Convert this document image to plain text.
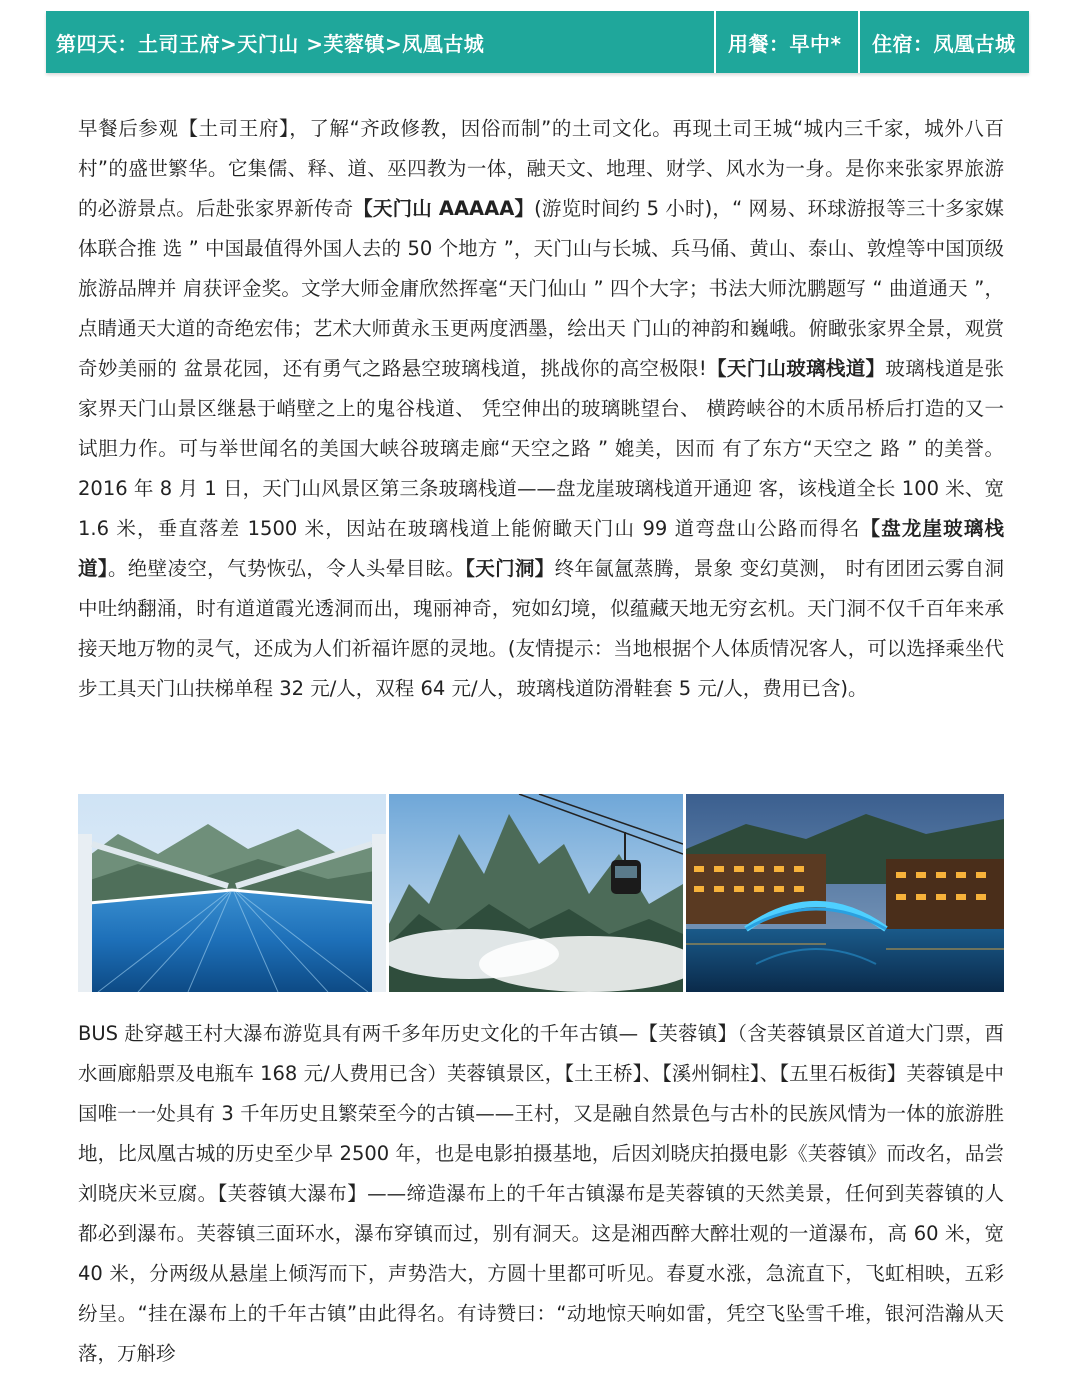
第四天：土司王府>天门山 >芙蓉镇>凤凰古城	用餐：早中*	住宿：凤凰古城

早餐后参观【土司王府】，了解“齐政修教，因俗而制”的土司文化。再现土司王城“城内三千家，城外八百村”的盛世繁华。它集儒、释、道、巫四教为一体，融天文、地理、财学、风水为一身。是你来张家界旅游的必游景点。后赴张家界新传奇【天门山 AAAAA】(游览时间约 5 小时)，“ 网易、环球游报等三十多家媒体联合推 选 ” 中国最值得外国人去的 50 个地方 ”，天门山与长城、兵马俑、黄山、泰山、敦煌等中国顶级旅游品牌并 肩获评金奖。文学大师金庸欣然挥毫“天门仙山 ” 四个大字；书法大师沈鹏题写 “ 曲道通天 ”，点睛通天大道的奇绝宏伟；艺术大师黄永玉更两度洒墨，绘出天 门山的神韵和巍峨。俯瞰张家界全景，观赏奇妙美丽的 盆景花园，还有勇气之路悬空玻璃栈道，挑战你的高空极限!【天门山玻璃栈道】玻璃栈道是张家界天门山景区继悬于峭壁之上的鬼谷栈道、 凭空伸出的玻璃眺望台、 横跨峡谷的木质吊桥后打造的又一试胆力作。可与举世闻名的美国大峡谷玻璃走廊“天空之路 ” 媲美，因而 有了东方“天空之 路 ” 的美誉。2016 年 8 月 1 日，天门山风景区第三条玻璃栈道——盘龙崖玻璃栈道开通迎 客，该栈道全长 100 米、宽 1.6 米，垂直落差 1500 米，因站在玻璃栈道上能俯瞰天门山 99 道弯盘山公路而得名【盘龙崖玻璃栈道】。绝壁凌空，气势恢弘，令人头晕目眩。【天门洞】终年氤氲蒸腾，景象 变幻莫测， 时有团团云雾自洞中吐纳翻涌，时有道道霞光透洞而出，瑰丽神奇，宛如幻境，似蕴藏天地无穷玄机。天门洞不仅千百年来承接天地万物的灵气，还成为人们祈福许愿的灵地。(友情提示：当地根据个人体质情况客人，可以选择乘坐代步工具天门山扶梯单程 32 元/人，双程 64 元/人，玻璃栈道防滑鞋套 5 元/人，费用已含)。

BUS 赴穿越王村大瀑布游览具有两千多年历史文化的千年古镇—【芙蓉镇】（含芙蓉镇景区首道大门票，酉水画廊船票及电瓶车 168 元/人费用已含）芙蓉镇景区，【土王桥】、【溪州铜柱】、【五里石板街】芙蓉镇是中国唯一一处具有 3 千年历史且繁荣至今的古镇——王村，又是融自然景色与古朴的民族风情为一体的旅游胜地，比凤凰古城的历史至少早 2500 年，也是电影拍摄基地，后因刘晓庆拍摄电影《芙蓉镇》而改名，品尝刘晓庆米豆腐。【芙蓉镇大瀑布】——缔造瀑布上的千年古镇瀑布是芙蓉镇的天然美景，任何到芙蓉镇的人都必到瀑布。芙蓉镇三面环水，瀑布穿镇而过，别有洞天。这是湘西醉大醉壮观的一道瀑布，高 60 米，宽 40 米，分两级从悬崖上倾泻而下，声势浩大，方圆十里都可听见。春夏水涨，急流直下，飞虹相映，五彩纷呈。“挂在瀑布上的千年古镇”由此得名。有诗赞曰：“动地惊天响如雷，凭空飞坠雪千堆，银河浩瀚从天落，万斛珍
